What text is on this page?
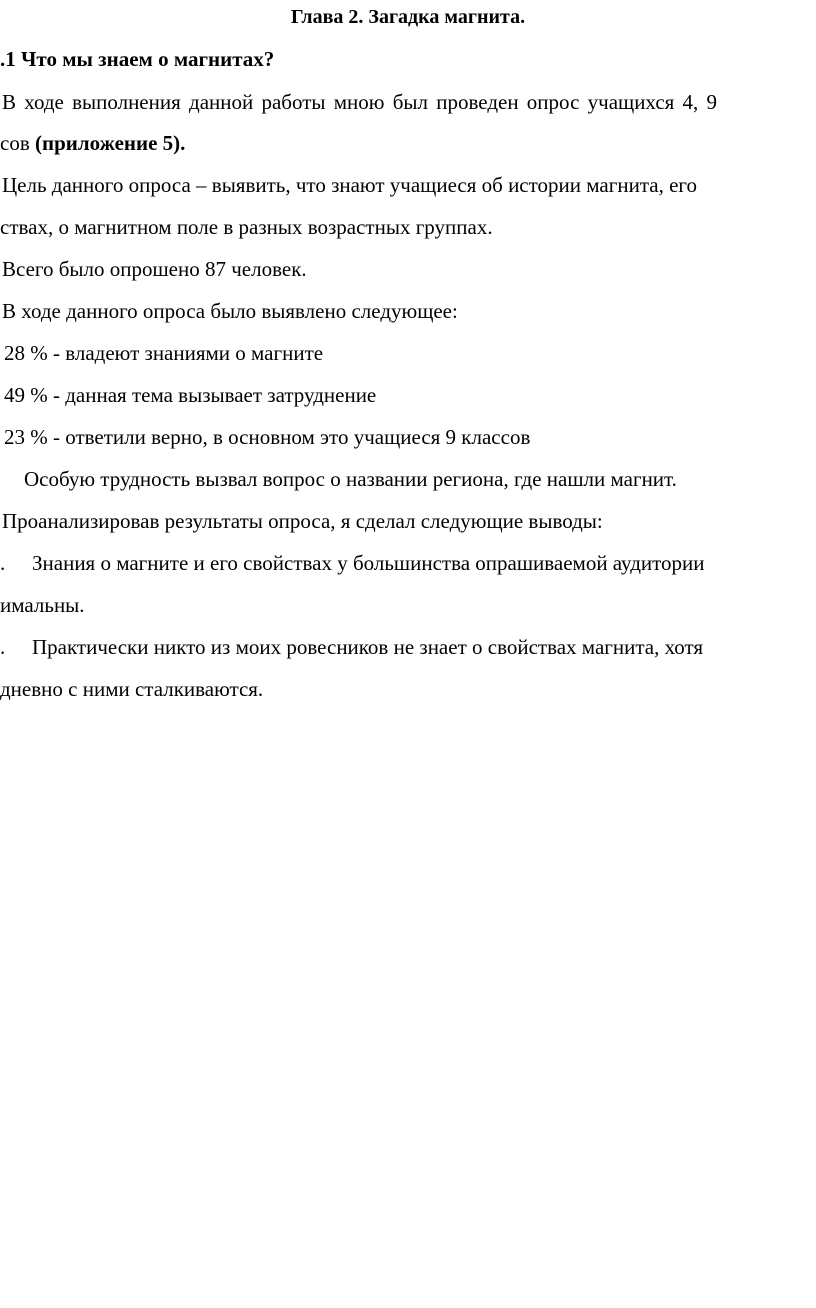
Глава 2. Загадка магнита.
.1 Что мы знаем о магнитах?
В ходе выполнения данной работы мною был проведен опрос учащихся 4, 9
сов (приложение 5).
Цель данного опроса – выявить, что знают учащиеся об истории магнита, его
ствах, о магнитном поле в разных возрастных группах.
Всего было опрошено 87 человек.
В ходе данного опроса было выявлено следующее:
28 % - владеют знаниями о магните
49 % - данная тема вызывает затруднение
23 % - ответили верно, в основном это учащиеся 9 классов
Особую трудность вызвал вопрос о названии региона, где нашли магнит.
Проанализировав результаты опроса, я сделал следующие выводы:
. Знания о магните и его свойствах у большинства опрашиваемой аудитории
имальны.
. Практически никто из моих ровесников не знает о свойствах магнита, хотя
дневно с ними сталкиваются.
